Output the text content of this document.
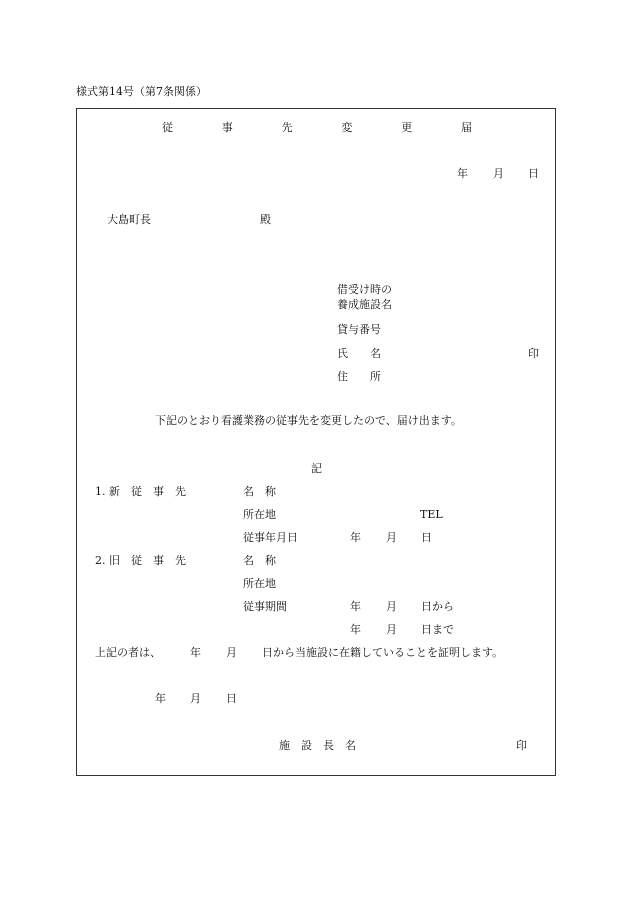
様式第14号（第7条関係）
従	事	先	変	更	届
年 月 日
大島町長	殿
借受け時の
養成施設名
貸与番号
氏　　名	印
住　　所
下記のとおり看護業務の従事先を変更したので、届け出ます。
記
1. 新　従　事　先	名　称
所在地	TEL
従事年月日	年 月 日
2. 旧　従　事　先	名　称
所在地
従事期間	年 月 日から
年 月 日まで
上記の者は、	年 月 日から当施設に在籍していることを証明します。
年 月 日
施　設　長　名	印
